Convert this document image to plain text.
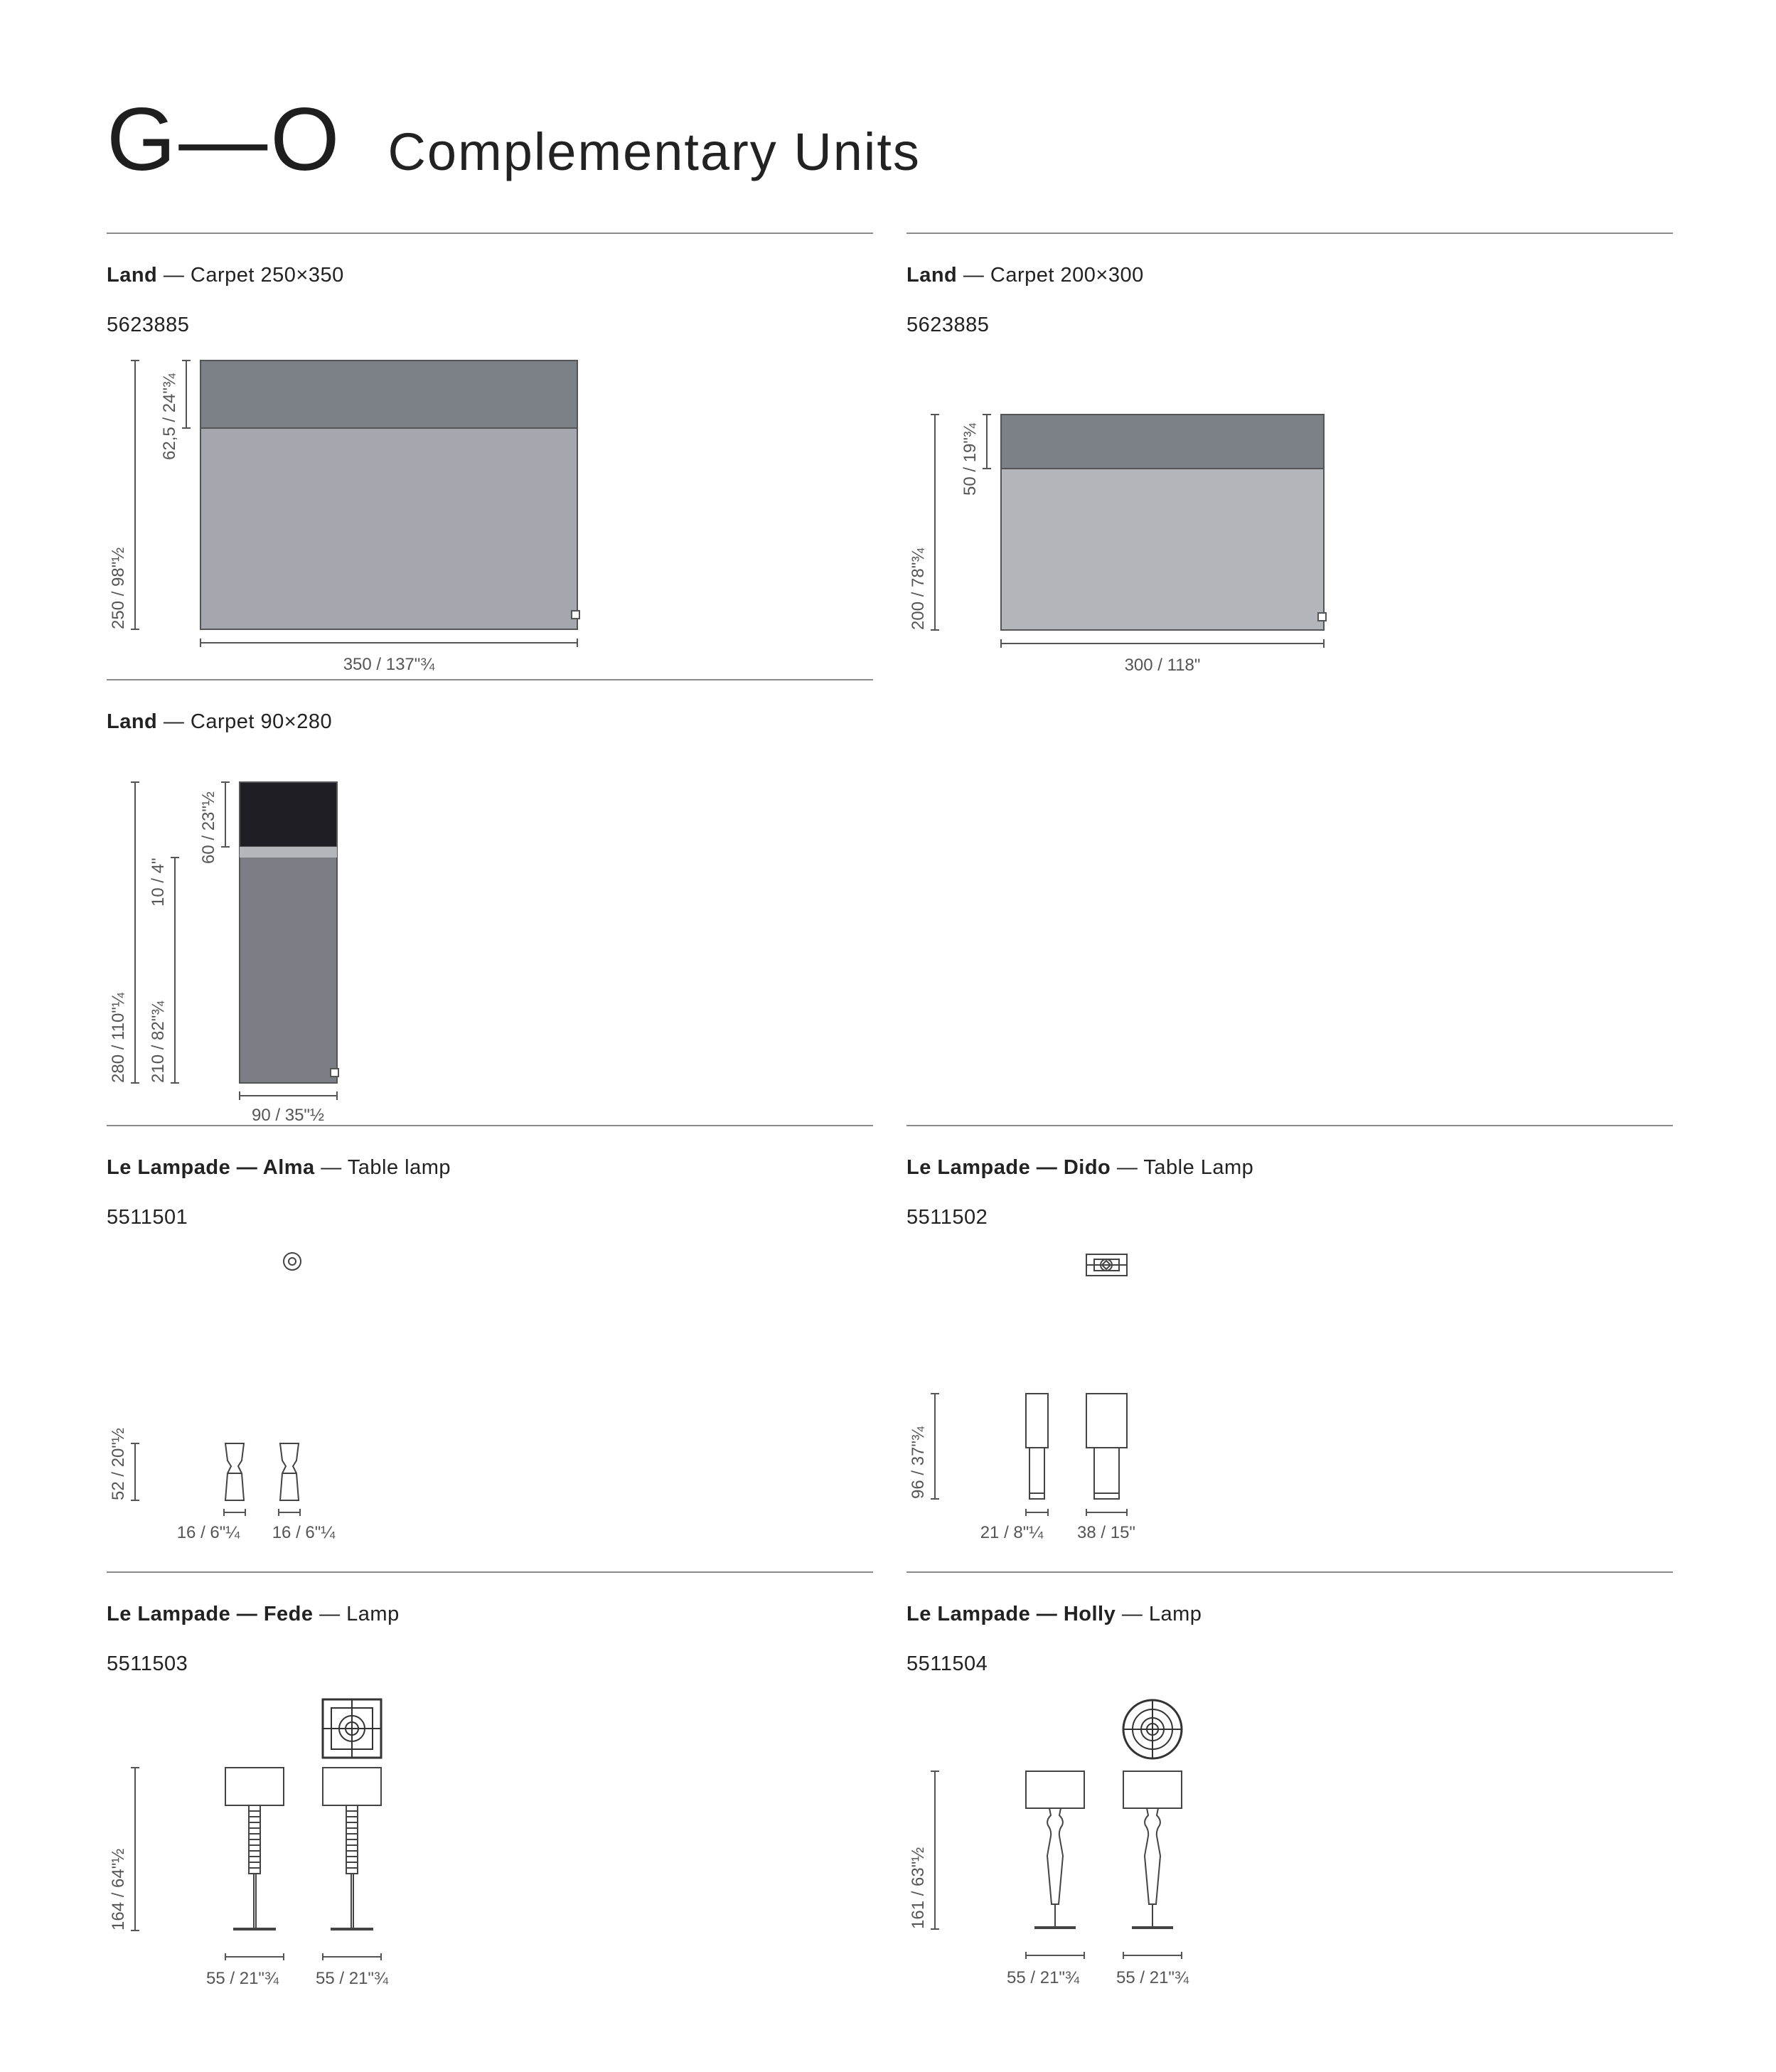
G—O Complementary Units
Land — Carpet 250×350
5623885
250 / 98"½
62,5 / 24"¾
350 / 137"¾
Land — Carpet 200×300
5623885
200 / 78"¾
50 / 19"¾
300 / 118"
Land — Carpet 90×280
280 / 110"¼ 210 / 82"¾
10 / 4"
60 / 23"½
90 / 35"½
Le Lampade — Alma — Table lamp
5511501
52 / 20"½
16 / 6"¼ 16 / 6"¼
Le Lampade — Dido — Table Lamp
5511502
96 / 37"¾
21 / 8"¼ 38 / 15"
Le Lampade — Fede — Lamp
5511503
164 / 64"½
55 / 21"¾ 55 / 21"¾
Le Lampade — Holly — Lamp
5511504
161 / 63"½
55 / 21"¾ 55 / 21"¾
